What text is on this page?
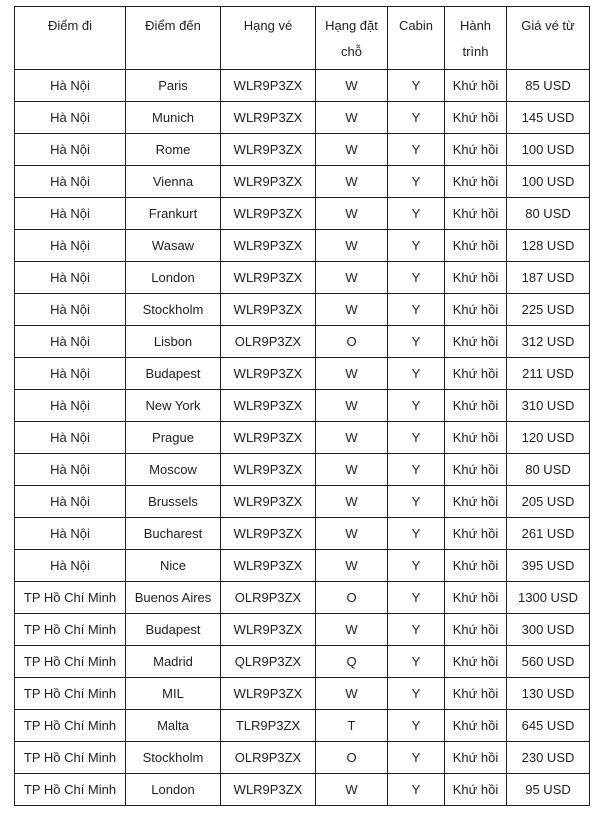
Điểm đi	Điểm đến	Hạng vé	Hạng đặt chỗ	Cabin	Hành trình	Giá vé từ
Hà Nội	Paris	WLR9P3ZX	W	Y	Khứ hồi	85 USD
Hà Nội	Munich	WLR9P3ZX	W	Y	Khứ hồi	145 USD
Hà Nội	Rome	WLR9P3ZX	W	Y	Khứ hồi	100 USD
Hà Nội	Vienna	WLR9P3ZX	W	Y	Khứ hồi	100 USD
Hà Nội	Frankurt	WLR9P3ZX	W	Y	Khứ hồi	80 USD
Hà Nội	Wasaw	WLR9P3ZX	W	Y	Khứ hồi	128 USD
Hà Nội	London	WLR9P3ZX	W	Y	Khứ hồi	187 USD
Hà Nội	Stockholm	WLR9P3ZX	W	Y	Khứ hồi	225 USD
Hà Nội	Lisbon	OLR9P3ZX	O	Y	Khứ hồi	312 USD
Hà Nội	Budapest	WLR9P3ZX	W	Y	Khứ hồi	211 USD
Hà Nội	New York	WLR9P3ZX	W	Y	Khứ hồi	310 USD
Hà Nội	Prague	WLR9P3ZX	W	Y	Khứ hồi	120 USD
Hà Nội	Moscow	WLR9P3ZX	W	Y	Khứ hồi	80 USD
Hà Nội	Brussels	WLR9P3ZX	W	Y	Khứ hồi	205 USD
Hà Nội	Bucharest	WLR9P3ZX	W	Y	Khứ hồi	261 USD
Hà Nội	Nice	WLR9P3ZX	W	Y	Khứ hồi	395 USD
TP Hồ Chí Minh	Buenos Aires	OLR9P3ZX	O	Y	Khứ hồi	1300 USD
TP Hồ Chí Minh	Budapest	WLR9P3ZX	W	Y	Khứ hồi	300 USD
TP Hồ Chí Minh	Madrid	QLR9P3ZX	Q	Y	Khứ hồi	560 USD
TP Hồ Chí Minh	MIL	WLR9P3ZX	W	Y	Khứ hồi	130 USD
TP Hồ Chí Minh	Malta	TLR9P3ZX	T	Y	Khứ hồi	645 USD
TP Hồ Chí Minh	Stockholm	OLR9P3ZX	O	Y	Khứ hồi	230 USD
TP Hồ Chí Minh	London	WLR9P3ZX	W	Y	Khứ hồi	95 USD
